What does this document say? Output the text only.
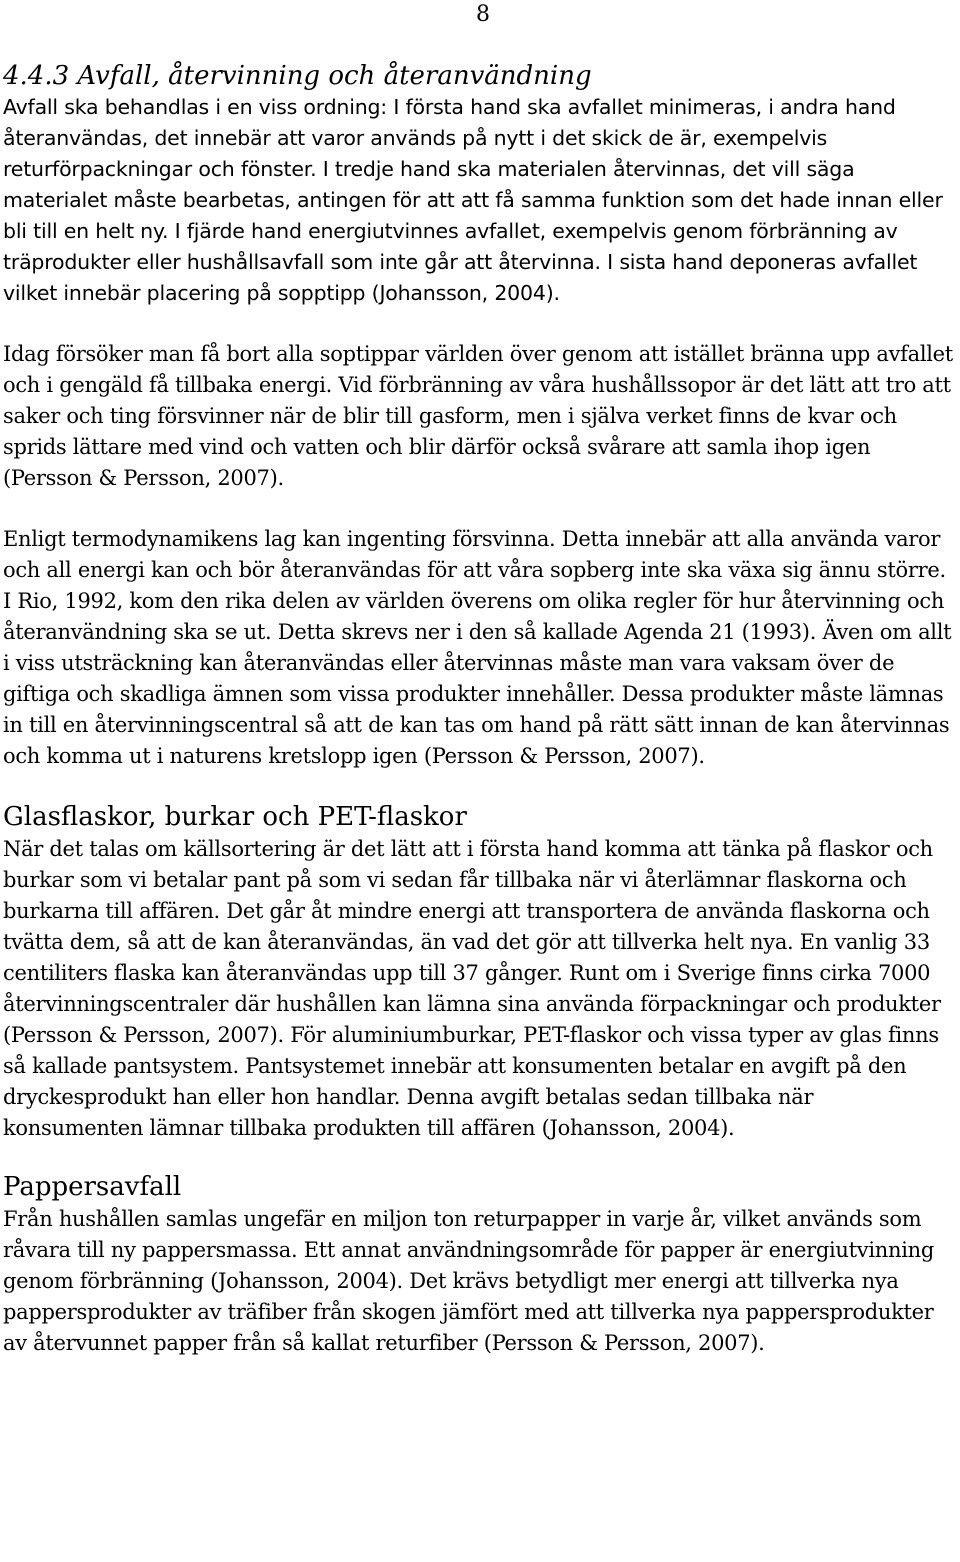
8
4.4.3 Avfall, återvinning och återanvändning

Avfall ska behandlas i en viss ordning: I första hand ska avfallet minimeras, i andra hand återanvändas, det innebär att varor används på nytt i det skick de är, exempelvis returförpackningar och fönster. I tredje hand ska materialen återvinnas, det vill säga materialet måste bearbetas, antingen för att att få samma funktion som det hade innan eller bli till en helt ny. I fjärde hand energiutvinnes avfallet, exempelvis genom förbränning av träprodukter eller hushållsavfall som inte går att återvinna. I sista hand deponeras avfallet vilket innebär placering på sopptipp (Johansson, 2004).

Idag försöker man få bort alla soptippar världen över genom att istället bränna upp avfallet och i gengäld få tillbaka energi. Vid förbränning av våra hushållssopor är det lätt att tro att saker och ting försvinner när de blir till gasform, men i själva verket finns de kvar och sprids lättare med vind och vatten och blir därför också svårare att samla ihop igen (Persson & Persson, 2007).

Enligt termodynamikens lag kan ingenting försvinna. Detta innebär att alla använda varor och all energi kan och bör återanvändas för att våra sopberg inte ska växa sig ännu större. I Rio, 1992, kom den rika delen av världen överens om olika regler för hur återvinning och återanvändning ska se ut. Detta skrevs ner i den så kallade Agenda 21 (1993). Även om allt i viss utsträckning kan återanvändas eller återvinnas måste man vara vaksam över de giftiga och skadliga ämnen som vissa produkter innehåller. Dessa produkter måste lämnas in till en återvinningscentral så att de kan tas om hand på rätt sätt innan de kan återvinnas och komma ut i naturens kretslopp igen (Persson & Persson, 2007).

Glasflaskor, burkar och PET-flaskor

När det talas om källsortering är det lätt att i första hand komma att tänka på flaskor och burkar som vi betalar pant på som vi sedan får tillbaka när vi återlämnar flaskorna och burkarna till affären. Det går åt mindre energi att transportera de använda flaskorna och tvätta dem, så att de kan återanvändas, än vad det gör att tillverka helt nya. En vanlig 33 centiliters flaska kan återanvändas upp till 37 gånger. Runt om i Sverige finns cirka 7000 återvinningscentraler där hushållen kan lämna sina använda förpackningar och produkter (Persson & Persson, 2007). För aluminiumburkar, PET-flaskor och vissa typer av glas finns så kallade pantsystem. Pantsystemet innebär att konsumenten betalar en avgift på den dryckesprodukt han eller hon handlar. Denna avgift betalas sedan tillbaka när konsumenten lämnar tillbaka produkten till affären (Johansson, 2004).

Pappersavfall

Från hushållen samlas ungefär en miljon ton returpapper in varje år, vilket används som råvara till ny pappersmassa. Ett annat användningsområde för papper är energiutvinning genom förbränning (Johansson, 2004). Det krävs betydligt mer energi att tillverka nya pappersprodukter av träfiber från skogen jämfört med att tillverka nya pappersprodukter av återvunnet papper från så kallat returfiber (Persson & Persson, 2007).
